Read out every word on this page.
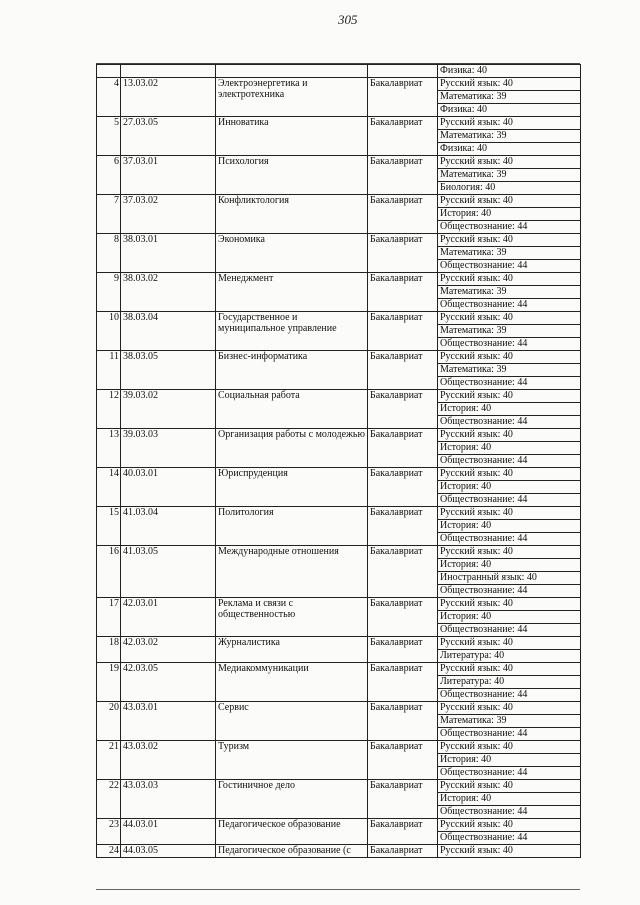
305
				Физика: 40
4	13.03.02	Электроэнергетика и электротехника	Бакалавриат	Русский язык: 40
				Математика: 39
				Физика: 40
5	27.03.05	Инноватика	Бакалавриат	Русский язык: 40
				Математика: 39
				Физика: 40
6	37.03.01	Психология	Бакалавриат	Русский язык: 40
				Математика: 39
				Биология: 40
7	37.03.02	Конфликтология	Бакалавриат	Русский язык: 40
				История: 40
				Обществознание: 44
8	38.03.01	Экономика	Бакалавриат	Русский язык: 40
				Математика: 39
				Обществознание: 44
9	38.03.02	Менеджмент	Бакалавриат	Русский язык: 40
				Математика: 39
				Обществознание: 44
10	38.03.04	Государственное и муниципальное управление	Бакалавриат	Русский язык: 40
				Математика: 39
				Обществознание: 44
11	38.03.05	Бизнес-информатика	Бакалавриат	Русский язык: 40
				Математика: 39
				Обществознание: 44
12	39.03.02	Социальная работа	Бакалавриат	Русский язык: 40
				История: 40
				Обществознание: 44
13	39.03.03	Организация работы с молодежью	Бакалавриат	Русский язык: 40
				История: 40
				Обществознание: 44
14	40.03.01	Юриспруденция	Бакалавриат	Русский язык: 40
				История: 40
				Обществознание: 44
15	41.03.04	Политология	Бакалавриат	Русский язык: 40
				История: 40
				Обществознание: 44
16	41.03.05	Международные отношения	Бакалавриат	Русский язык: 40
				История: 40
				Иностранный язык: 40
				Обществознание: 44
17	42.03.01	Реклама и связи с общественностью	Бакалавриат	Русский язык: 40
				История: 40
				Обществознание: 44
18	42.03.02	Журналистика	Бакалавриат	Русский язык: 40
				Литература: 40
19	42.03.05	Медиакоммуникации	Бакалавриат	Русский язык: 40
				Литература: 40
				Обществознание: 44
20	43.03.01	Сервис	Бакалавриат	Русский язык: 40
				Математика: 39
				Обществознание: 44
21	43.03.02	Туризм	Бакалавриат	Русский язык: 40
				История: 40
				Обществознание: 44
22	43.03.03	Гостиничное дело	Бакалавриат	Русский язык: 40
				История: 40
				Обществознание: 44
23	44.03.01	Педагогическое образование	Бакалавриат	Русский язык: 40
				Обществознание: 44
24	44.03.05	Педагогическое образование (с	Бакалавриат	Русский язык: 40
